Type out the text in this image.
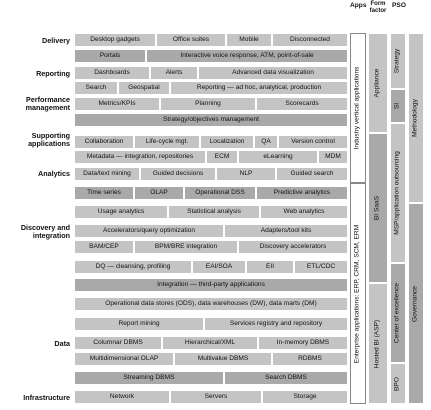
Apps Form factor
PSO
Delivery
Reporting
Performance management
Supporting applications
Analytics
Discovery and integration
Data
Infrastructure
Desktop gadgets	Office suites	Mobile	Disconnected
Portals	Interactive voice response, ATM, point-of-sale
Dashboards	Alerts	Advanced data visualization
Search	Geospatial	Reporting — ad hoc, analytical, production
Metrics/KPIs	Planning	Scorecards
Strategy/objectives management
Collaboration	Life-cycle mgt.	Localization	QA	Version control
Metadata — integration, repositories	ECM	eLearning	MDM
Data/text mining	Guided decisions	NLP	Guided search
Time series	OLAP	Operational DSS	Predictive analytics
Usage analytics	Statistical analysis	Web analytics
Accelerators/query optimization	Adapters/tool kits
BAM/CEP	BPM/BRE integration	Discovery accelerators
DQ — cleansing, profiling	EAI/SOA	EII	ETL/CDC
Integration — third-party applications
Operational data stores (ODS), data warehouses (DW), data marts (DM)
Report mining	Services registry and repository
Columnar DBMS	Hierarchical/XML	In-memory DBMS
Multidimensional OLAP	Multivalue DBMS	RDBMS
Streaming DBMS	Search DBMS
Network	Servers	Storage
Industry vertical applications
Enterprise applications: ERP, CRM, SCM, ERM
Appliance
BI SaaS
Hosted BI (ASP)
Strategy
SI
MSP/application outsourcing
Center of excellence
BPO
Methodology
Governance
